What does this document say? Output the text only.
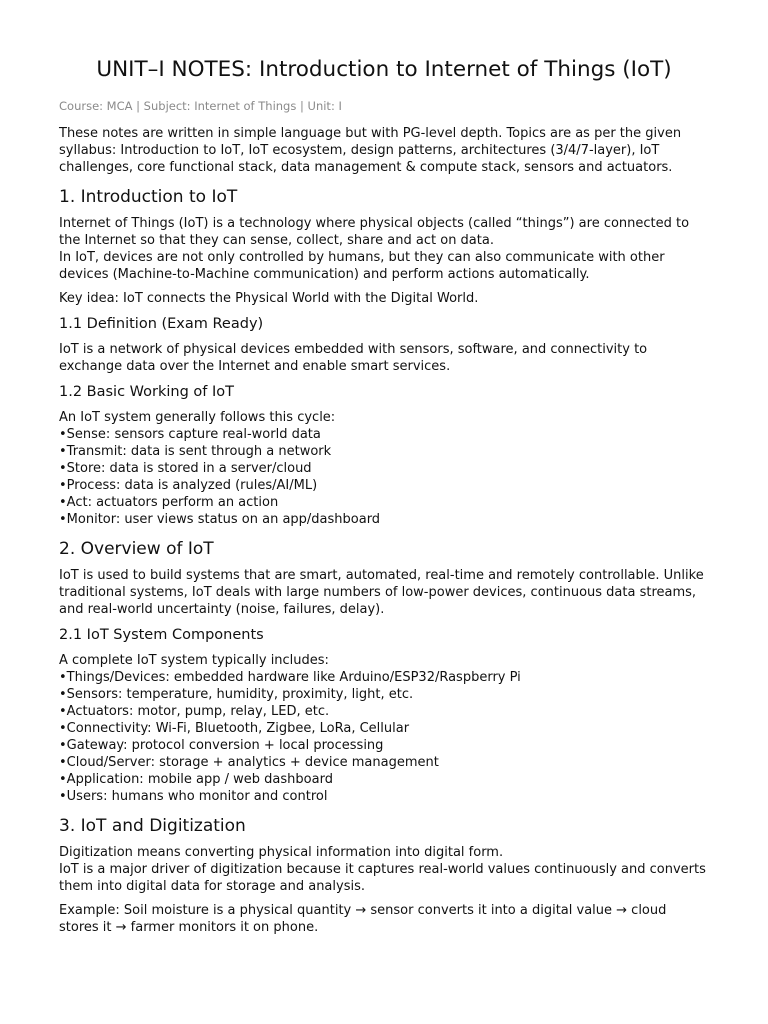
UNIT–I NOTES: Introduction to Internet of Things (IoT)
Course: MCA | Subject: Internet of Things | Unit: I

These notes are written in simple language but with PG-level depth. Topics are as per the given syllabus: Introduction to IoT, IoT ecosystem, design patterns, architectures (3/4/7-layer), IoT challenges, core functional stack, data management & compute stack, sensors and actuators.

1. Introduction to IoT

Internet of Things (IoT) is a technology where physical objects (called “things”) are connected to the Internet so that they can sense, collect, share and act on data.
In IoT, devices are not only controlled by humans, but they can also communicate with other devices (Machine-to-Machine communication) and perform actions automatically.

Key idea: IoT connects the Physical World with the Digital World.

1.1 Definition (Exam Ready)

IoT is a network of physical devices embedded with sensors, software, and connectivity to exchange data over the Internet and enable smart services.

1.2 Basic Working of IoT

An IoT system generally follows this cycle:

• Sense: sensors capture real-world data
• Transmit: data is sent through a network
• Store: data is stored in a server/cloud
• Process: data is analyzed (rules/AI/ML)
• Act: actuators perform an action
• Monitor: user views status on an app/dashboard
2. Overview of IoT

IoT is used to build systems that are smart, automated, real-time and remotely controllable. Unlike traditional systems, IoT deals with large numbers of low-power devices, continuous data streams, and real-world uncertainty (noise, failures, delay).

2.1 IoT System Components

A complete IoT system typically includes:

• Things/Devices: embedded hardware like Arduino/ESP32/Raspberry Pi
• Sensors: temperature, humidity, proximity, light, etc.
• Actuators: motor, pump, relay, LED, etc.
• Connectivity: Wi-Fi, Bluetooth, Zigbee, LoRa, Cellular
• Gateway: protocol conversion + local processing
• Cloud/Server: storage + analytics + device management
• Application: mobile app / web dashboard
• Users: humans who monitor and control
3. IoT and Digitization

Digitization means converting physical information into digital form.
IoT is a major driver of digitization because it captures real-world values continuously and converts them into digital data for storage and analysis.

Example: Soil moisture is a physical quantity → sensor converts it into a digital value → cloud stores it → farmer monitors it on phone.
